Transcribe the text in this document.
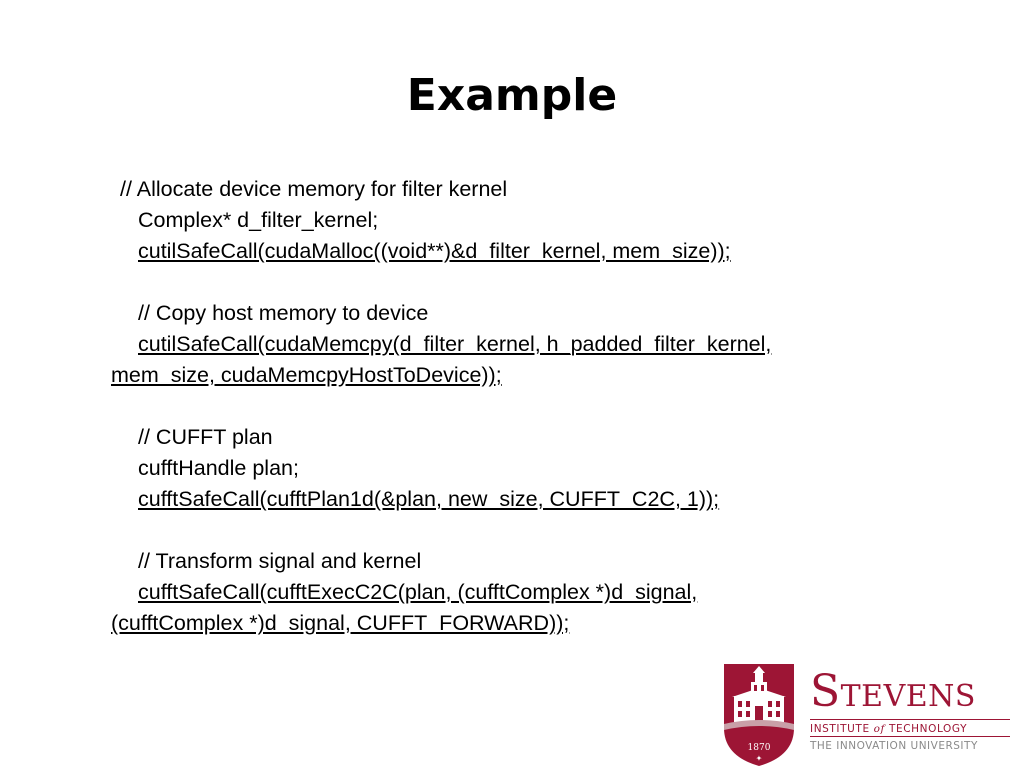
Example
// Allocate device memory for filter kernel
Complex* d_filter_kernel;
cutilSafeCall(cudaMalloc((void**)&d_filter_kernel, mem_size));
// Copy host memory to device
cutilSafeCall(cudaMemcpy(d_filter_kernel, h_padded_filter_kernel,
mem_size, cudaMemcpyHostToDevice));
// CUFFT plan
cufftHandle plan;
cufftSafeCall(cufftPlan1d(&plan, new_size, CUFFT_C2C, 1));
// Transform signal and kernel
cufftSafeCall(cufftExecC2C(plan, (cufftComplex *)d_signal,
(cufftComplex *)d_signal, CUFFT_FORWARD));
1870
✦
STEVENS
INSTITUTE of TECHNOLOGY
THE INNOVATION UNIVERSITY
